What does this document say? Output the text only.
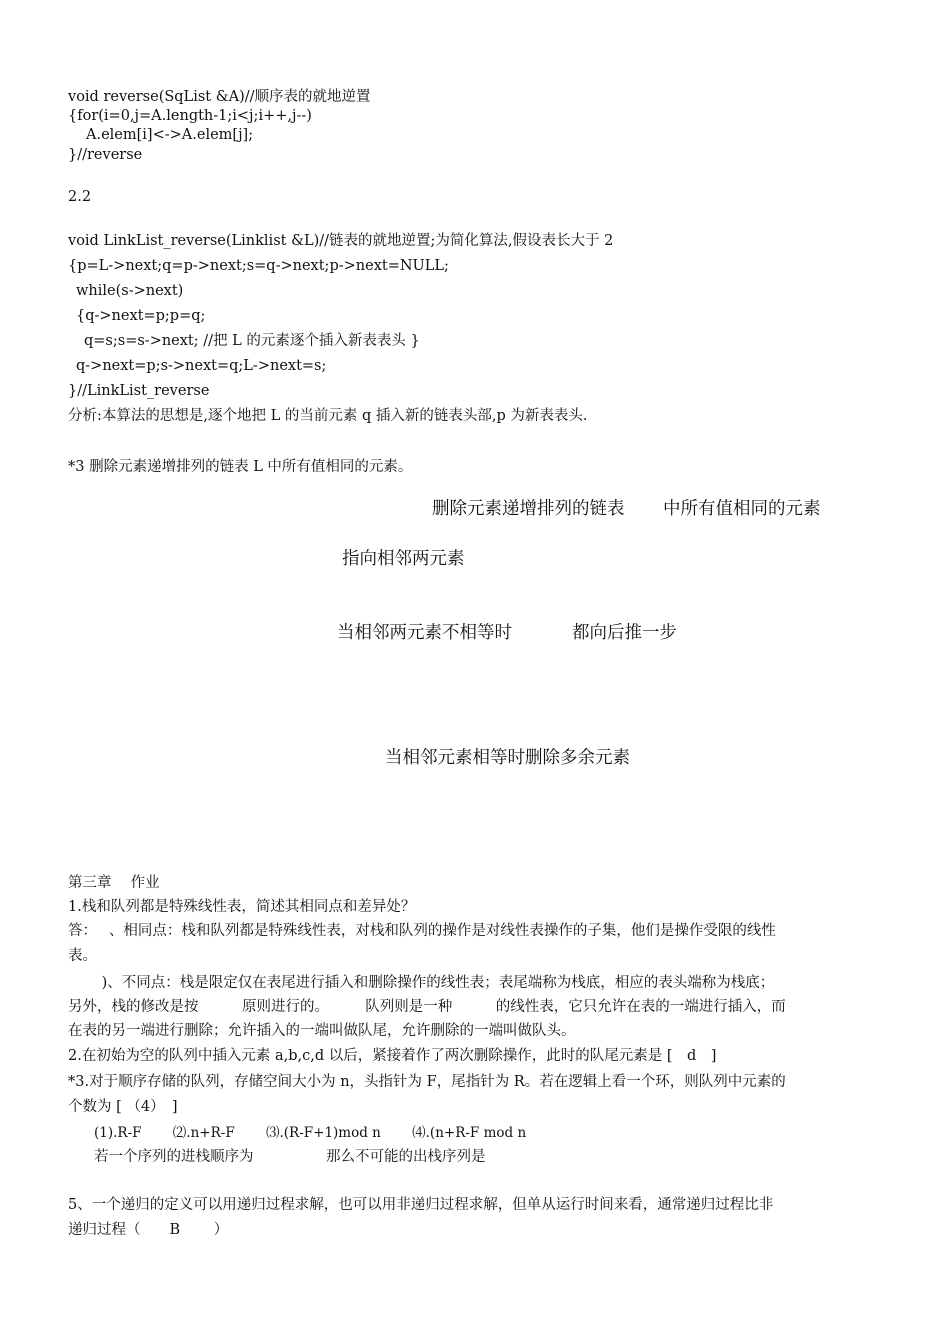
void reverse(SqList &A)//顺序表的就地逆置
{for(i=0,j=A.length-1;i<j;i++,j--)
A.elem[i]<->A.elem[j];
}//reverse
2.2
void LinkList_reverse(Linklist &L)//链表的就地逆置;为简化算法,假设表长大于 2
{p=L->next;q=p->next;s=q->next;p->next=NULL;
while(s->next)
{q->next=p;p=q;
q=s;s=s->next; //把 L 的元素逐个插入新表表头 }
q->next=p;s->next=q;L->next=s;
}//LinkList_reverse
分析:本算法的思想是,逐个地把 L 的当前元素 q 插入新的链表头部,p 为新表表头.
*3 删除元素递增排列的链表 L 中所有值相同的元素。
删除元素递增排列的链表 中所有值相同的元素
指向相邻两元素
当相邻两元素不相等时	都向后推一步
当相邻元素相等时删除多余元素
第三章　 作业
1.栈和队列都是特殊线性表，简述其相同点和差异处？
答：　 、相同点：栈和队列都是特殊线性表，对栈和队列的操作是对线性表操作的子集，他们是操作受限的线性
表。
　　 )、不同点：栈是限定仅在表尾进行插入和删除操作的线性表；表尾端称为栈底，相应的表头端称为栈底；
另外，栈的修改是按　　　原则进行的。　　　队列则是一种　　　的线性表，它只允许在表的一端进行插入，而
在表的另一端进行删除；允许插入的一端叫做队尾，允许删除的一端叫做队头。
2.在初始为空的队列中插入元素 a,b,c,d 以后，紧接着作了两次删除操作，此时的队尾元素是 [　d　]
*3.对于顺序存储的队列，存储空间大小为 n，头指针为 F，尾指针为 R。若在逻辑上看一个环，则队列中元素的
个数为 [ （4）　]
(1).R-F　　 ⑵.n+R-F　　 ⑶.(R-F+1)mod n　　 ⑷.(n+R-F mod n
若一个序列的进栈顺序为　　　　　那么不可能的出栈序列是
5、一个递归的定义可以用递归过程求解，也可以用非递归过程求解，但单从运行时间来看，通常递归过程比非
递归过程（　　B　　 ）
